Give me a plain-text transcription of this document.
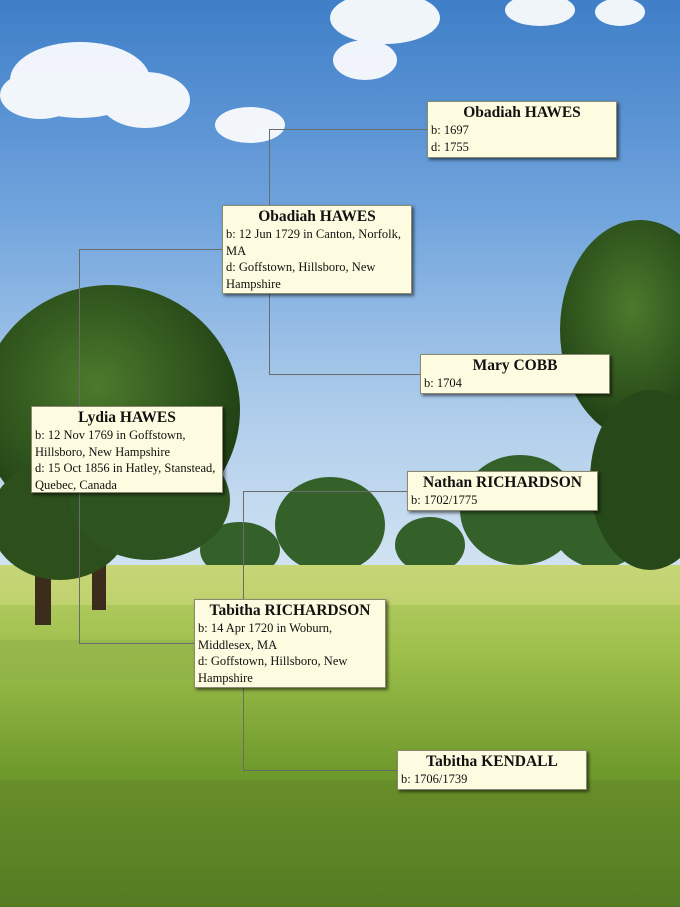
Obadiah HAWES
b: 1697
d: 1755
Obadiah HAWES
b: 12 Jun 1729 in Canton, Norfolk, MA
d: Goffstown, Hillsboro, New Hampshire
Mary COBB
b: 1704
Lydia HAWES
b: 12 Nov 1769 in Goffstown, Hillsboro, New Hampshire
d: 15 Oct 1856 in Hatley, Stanstead, Quebec, Canada	Nathan RICHARDSON
b: 1702/1775
Tabitha RICHARDSON
b: 14 Apr 1720 in Woburn, Middlesex, MA
d: Goffstown, Hillsboro, New Hampshire
Tabitha KENDALL
b: 1706/1739
